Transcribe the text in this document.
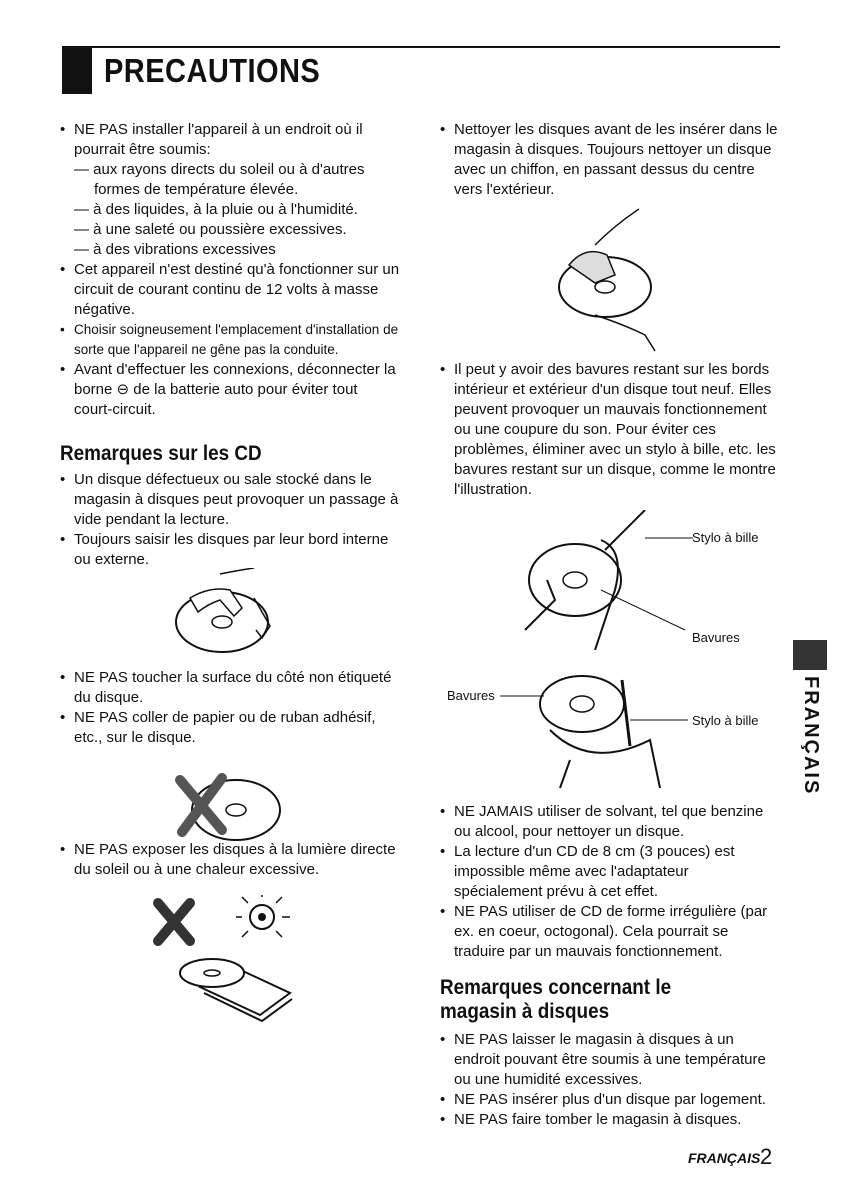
PRECAUTIONS
• NE PAS installer l'appareil à un endroit où il pourrait être soumis:
— aux rayons directs du soleil ou à d'autres formes de température élevée.
— à des liquides, à la pluie ou à l'humidité.
— à une saleté ou poussière excessives.
— à des vibrations excessives
• Cet appareil n'est destiné qu'à fonctionner sur un circuit de courant continu de 12 volts à masse négative.
• Choisir soigneusement l'emplacement d'installation de sorte que l'appareil ne gêne pas la conduite.
• Avant d'effectuer les connexions, déconnecter la borne ⊖ de la batterie auto pour éviter tout court-circuit.
Remarques sur les CD
• Un disque défectueux ou sale stocké dans le magasin à disques peut provoquer un passage à vide pendant la lecture.
• Toujours saisir les disques par leur bord interne ou externe.
• NE PAS toucher la surface du côté non étiqueté du disque.
• NE PAS coller de papier ou de ruban adhésif, etc., sur le disque.
• NE PAS exposer les disques à la lumière directe du soleil ou à une chaleur excessive.
• Nettoyer les disques avant de les insérer dans le magasin à disques. Toujours nettoyer un disque avec un chiffon, en passant dessus du centre vers l'extérieur.
• Il peut y avoir des bavures restant sur les bords intérieur et extérieur d'un disque tout neuf. Elles peuvent provoquer un mauvais fonctionnement ou une coupure du son. Pour éviter ces problèmes, éliminer avec un stylo à bille, etc. les bavures restant sur un disque, comme le montre l'illustration.
Stylo à bille
Bavures
Bavures
Stylo à bille
• NE JAMAIS utiliser de solvant, tel que benzine ou alcool, pour nettoyer un disque.
• La lecture d'un CD de 8 cm (3 pouces) est impossible même avec l'adaptateur spécialement prévu à cet effet.
• NE PAS utiliser de CD de forme irrégulière (par ex. en coeur, octogonal). Cela pourrait se traduire par un mauvais fonctionnement.
Remarques concernant le magasin à disques
• NE PAS laisser le magasin à disques à un endroit pouvant être soumis à une température ou une humidité excessives.
• NE PAS insérer plus d'un disque par logement.
• NE PAS faire tomber le magasin à disques.
FRANÇAIS
FRANÇAIS 2
